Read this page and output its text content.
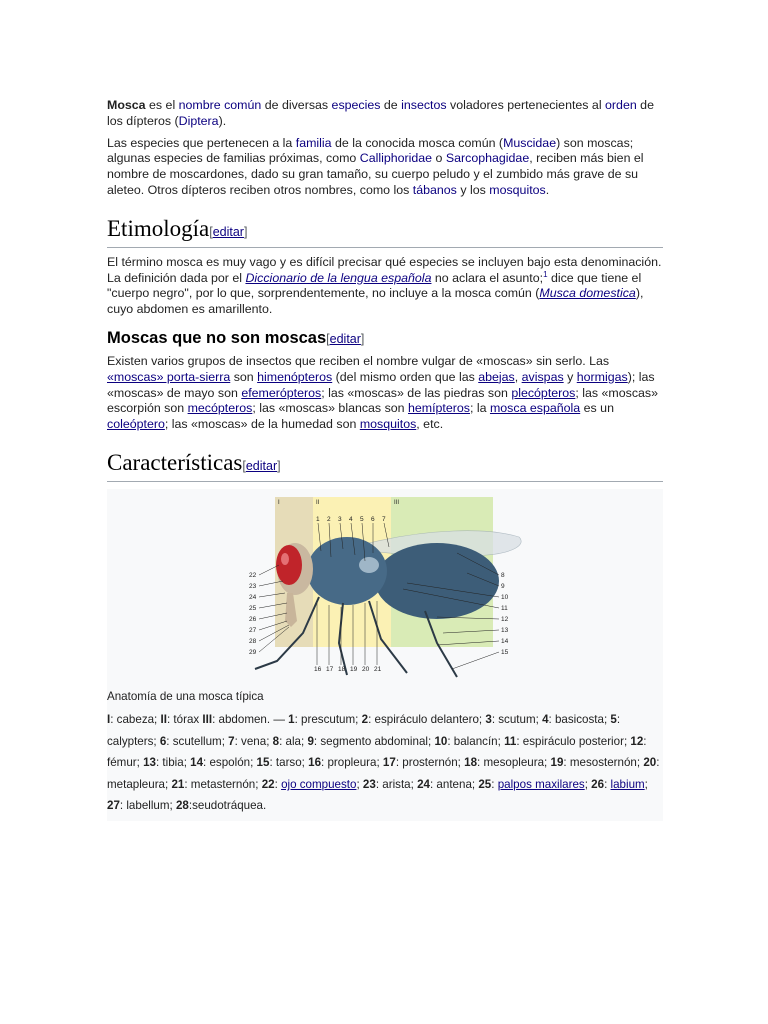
Mosca es el nombre común de diversas especies de insectos voladores pertenecientes al orden de los dípteros (Diptera).

Las especies que pertenecen a la familia de la conocida mosca común (Muscidae) son moscas; algunas especies de familias próximas, como Calliphoridae o Sarcophagidae, reciben más bien el nombre de moscardones, dado su gran tamaño, su cuerpo peludo y el zumbido más grave de su aleteo. Otros dípteros reciben otros nombres, como los tábanos y los mosquitos.

Etimología[editar]

El término mosca es muy vago y es difícil precisar qué especies se incluyen bajo esta denominación. La definición dada por el Diccionario de la lengua española no aclara el asunto;$^1$ dice que tiene el "cuerpo negro", por lo que, sorprendentemente, no incluye a la mosca común (Musca domestica), cuyo abdomen es amarillento.

Moscas que no son moscas[editar]

Existen varios grupos de insectos que reciben el nombre vulgar de «moscas» sin serlo. Las «moscas» porta-sierra son himenópteros (del mismo orden que las abejas, avispas y hormigas); las «moscas» de mayo son efemerópteros; las «moscas» de las piedras son plecópteros; las «moscas» escorpión son mecópteros; las «moscas» blancas son hemípteros; la mosca española es un coleóptero; las «moscas» de la humedad son mosquitos, etc.

Características[editar]
I	II	III
1 2 3 4 5 6 7
8
9
10
11
12
13
14
15
16 17 18 19 20 21
22
23
24
25
26
27
28
29
Anatomía de una mosca típica
I: cabeza; II: tórax III: abdomen. — 1: prescutum; 2: espiráculo delantero; 3: scutum; 4: basicosta; 5: calypters; 6: scutellum; 7: vena; 8: ala; 9: segmento abdominal; 10: balancín; 11: espiráculo posterior; 12: fémur; 13: tibia; 14: espolón; 15: tarso; 16: propleura; 17: prosternón; 18: mesopleura; 19: mesosternón; 20: metapleura; 21: metasternón; 22: ojo compuesto; 23: arista; 24: antena; 25: palpos maxilares; 26: labium; 27: labellum; 28:seudotráquea.
